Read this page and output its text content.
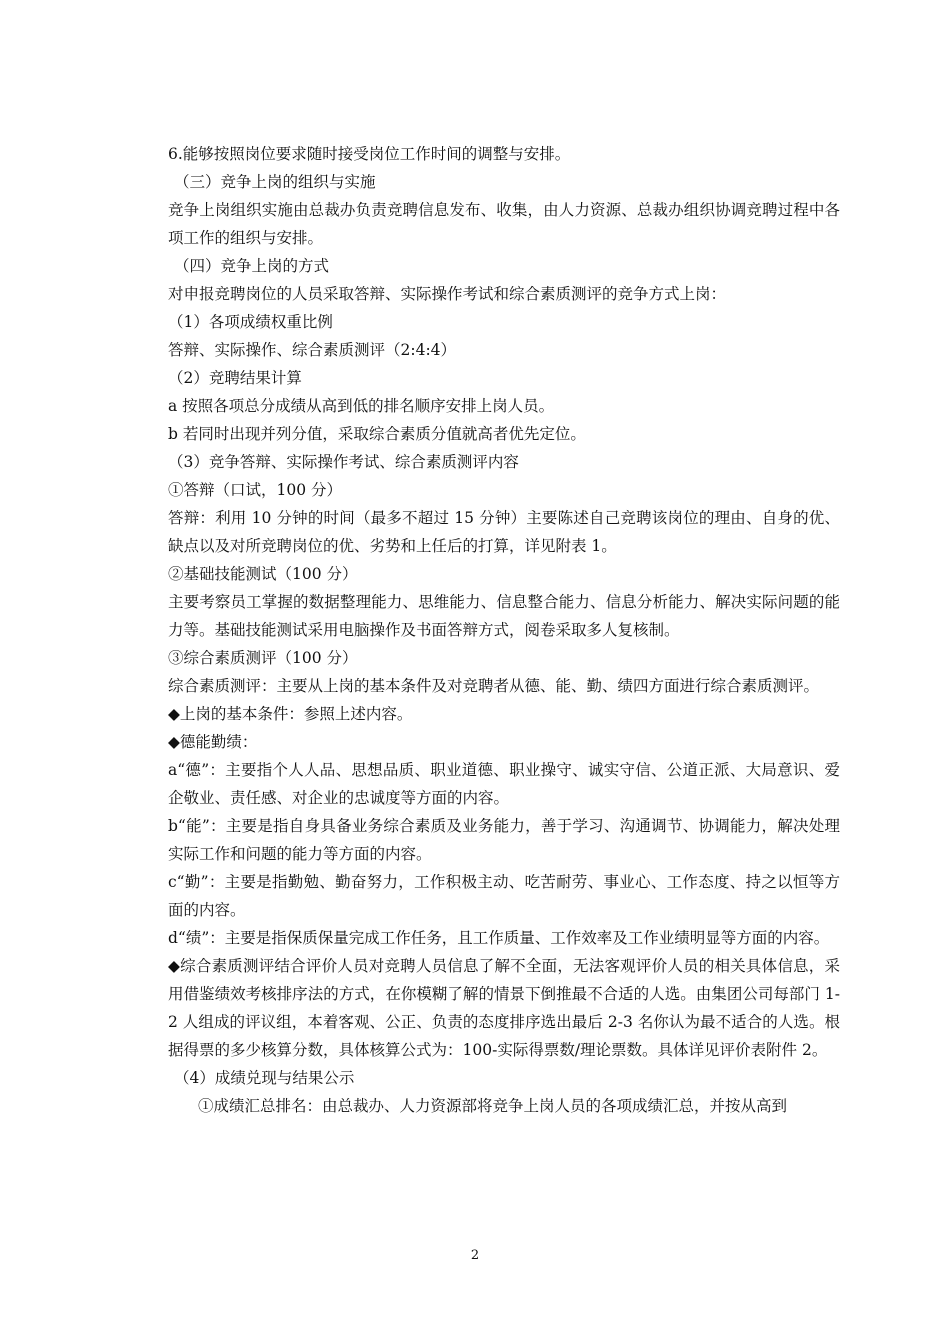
6.能够按照岗位要求随时接受岗位工作时间的调整与安排。

（三）竞争上岗的组织与实施

竞争上岗组织实施由总裁办负责竞聘信息发布、收集，由人力资源、总裁办组织协调竞聘过程中各项工作的组织与安排。

（四）竞争上岗的方式

对申报竞聘岗位的人员采取答辩、实际操作考试和综合素质测评的竞争方式上岗：

（1）各项成绩权重比例

答辩、实际操作、综合素质测评（2:4:4）

（2）竞聘结果计算

a 按照各项总分成绩从高到低的排名顺序安排上岗人员。

b 若同时出现并列分值，采取综合素质分值就高者优先定位。

（3）竞争答辩、实际操作考试、综合素质测评内容

①答辩（口试，100 分）

答辩：利用 10 分钟的时间（最多不超过 15 分钟）主要陈述自己竞聘该岗位的理由、自身的优、缺点以及对所竞聘岗位的优、劣势和上任后的打算，详见附表 1。

②基础技能测试（100 分）

主要考察员工掌握的数据整理能力、思维能力、信息整合能力、信息分析能力、解决实际问题的能力等。基础技能测试采用电脑操作及书面答辩方式，阅卷采取多人复核制。

③综合素质测评（100 分）

综合素质测评：主要从上岗的基本条件及对竞聘者从德、能、勤、绩四方面进行综合素质测评。

◆上岗的基本条件：参照上述内容。

◆德能勤绩：

a“德”：主要指个人人品、思想品质、职业道德、职业操守、诚实守信、公道正派、大局意识、爱企敬业、责任感、对企业的忠诚度等方面的内容。

b“能”：主要是指自身具备业务综合素质及业务能力，善于学习、沟通调节、协调能力，解决处理实际工作和问题的能力等方面的内容。

c“勤”：主要是指勤勉、勤奋努力，工作积极主动、吃苦耐劳、事业心、工作态度、持之以恒等方面的内容。

d“绩”：主要是指保质保量完成工作任务，且工作质量、工作效率及工作业绩明显等方面的内容。

◆综合素质测评结合评价人员对竞聘人员信息了解不全面，无法客观评价人员的相关具体信息，采用借鉴绩效考核排序法的方式，在你模糊了解的情景下倒推最不合适的人选。由集团公司每部门 1-2 人组成的评议组，本着客观、公正、负责的态度排序选出最后 2-3 名你认为最不适合的人选。根据得票的多少核算分数，具体核算公式为：100-实际得票数/理论票数。具体详见评价表附件 2。

（4）成绩兑现与结果公示

①成绩汇总排名：由总裁办、人力资源部将竞争上岗人员的各项成绩汇总，并按从高到

2
